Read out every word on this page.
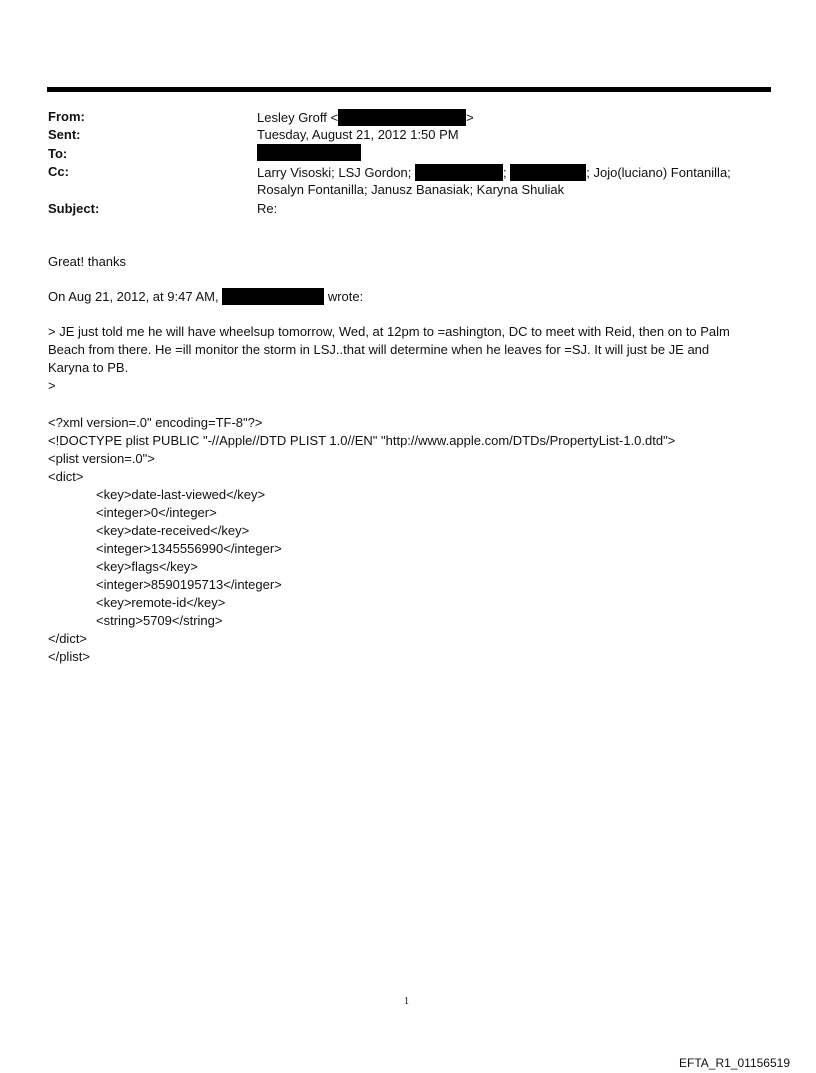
From:	Lesley Groff <	>
Sent:	Tuesday, August 21, 2012 1:50 PM
To:
Cc:	Larry Visoski; LSJ Gordon;	;	; Jojo(luciano) Fontanilla;
Rosalyn Fontanilla; Janusz Banasiak; Karyna Shuliak
Subject:	Re:
Great! thanks
On Aug 21, 2012, at 9:47 AM,	wrote:
> JE just told me he will have wheelsup tomorrow, Wed, at 12pm to =ashington, DC to meet with Reid, then on to Palm
Beach from there. He =ill monitor the storm in LSJ..that will determine when he leaves for =SJ. It will just be JE and
Karyna to PB.
>
<?xml version=.0" encoding=TF-8"?>
<!DOCTYPE plist PUBLIC "-//Apple//DTD PLIST 1.0//EN" "http://www.apple.com/DTDs/PropertyList-1.0.dtd">
<plist version=.0">
<dict>
<key>date-last-viewed</key>
<integer>0</integer>
<key>date-received</key>
<integer>1345556990</integer>
<key>flags</key>
<integer>8590195713</integer>
<key>remote-id</key>
<string>5709</string>
</dict>
</plist>
1
EFTA_R1_01156519
